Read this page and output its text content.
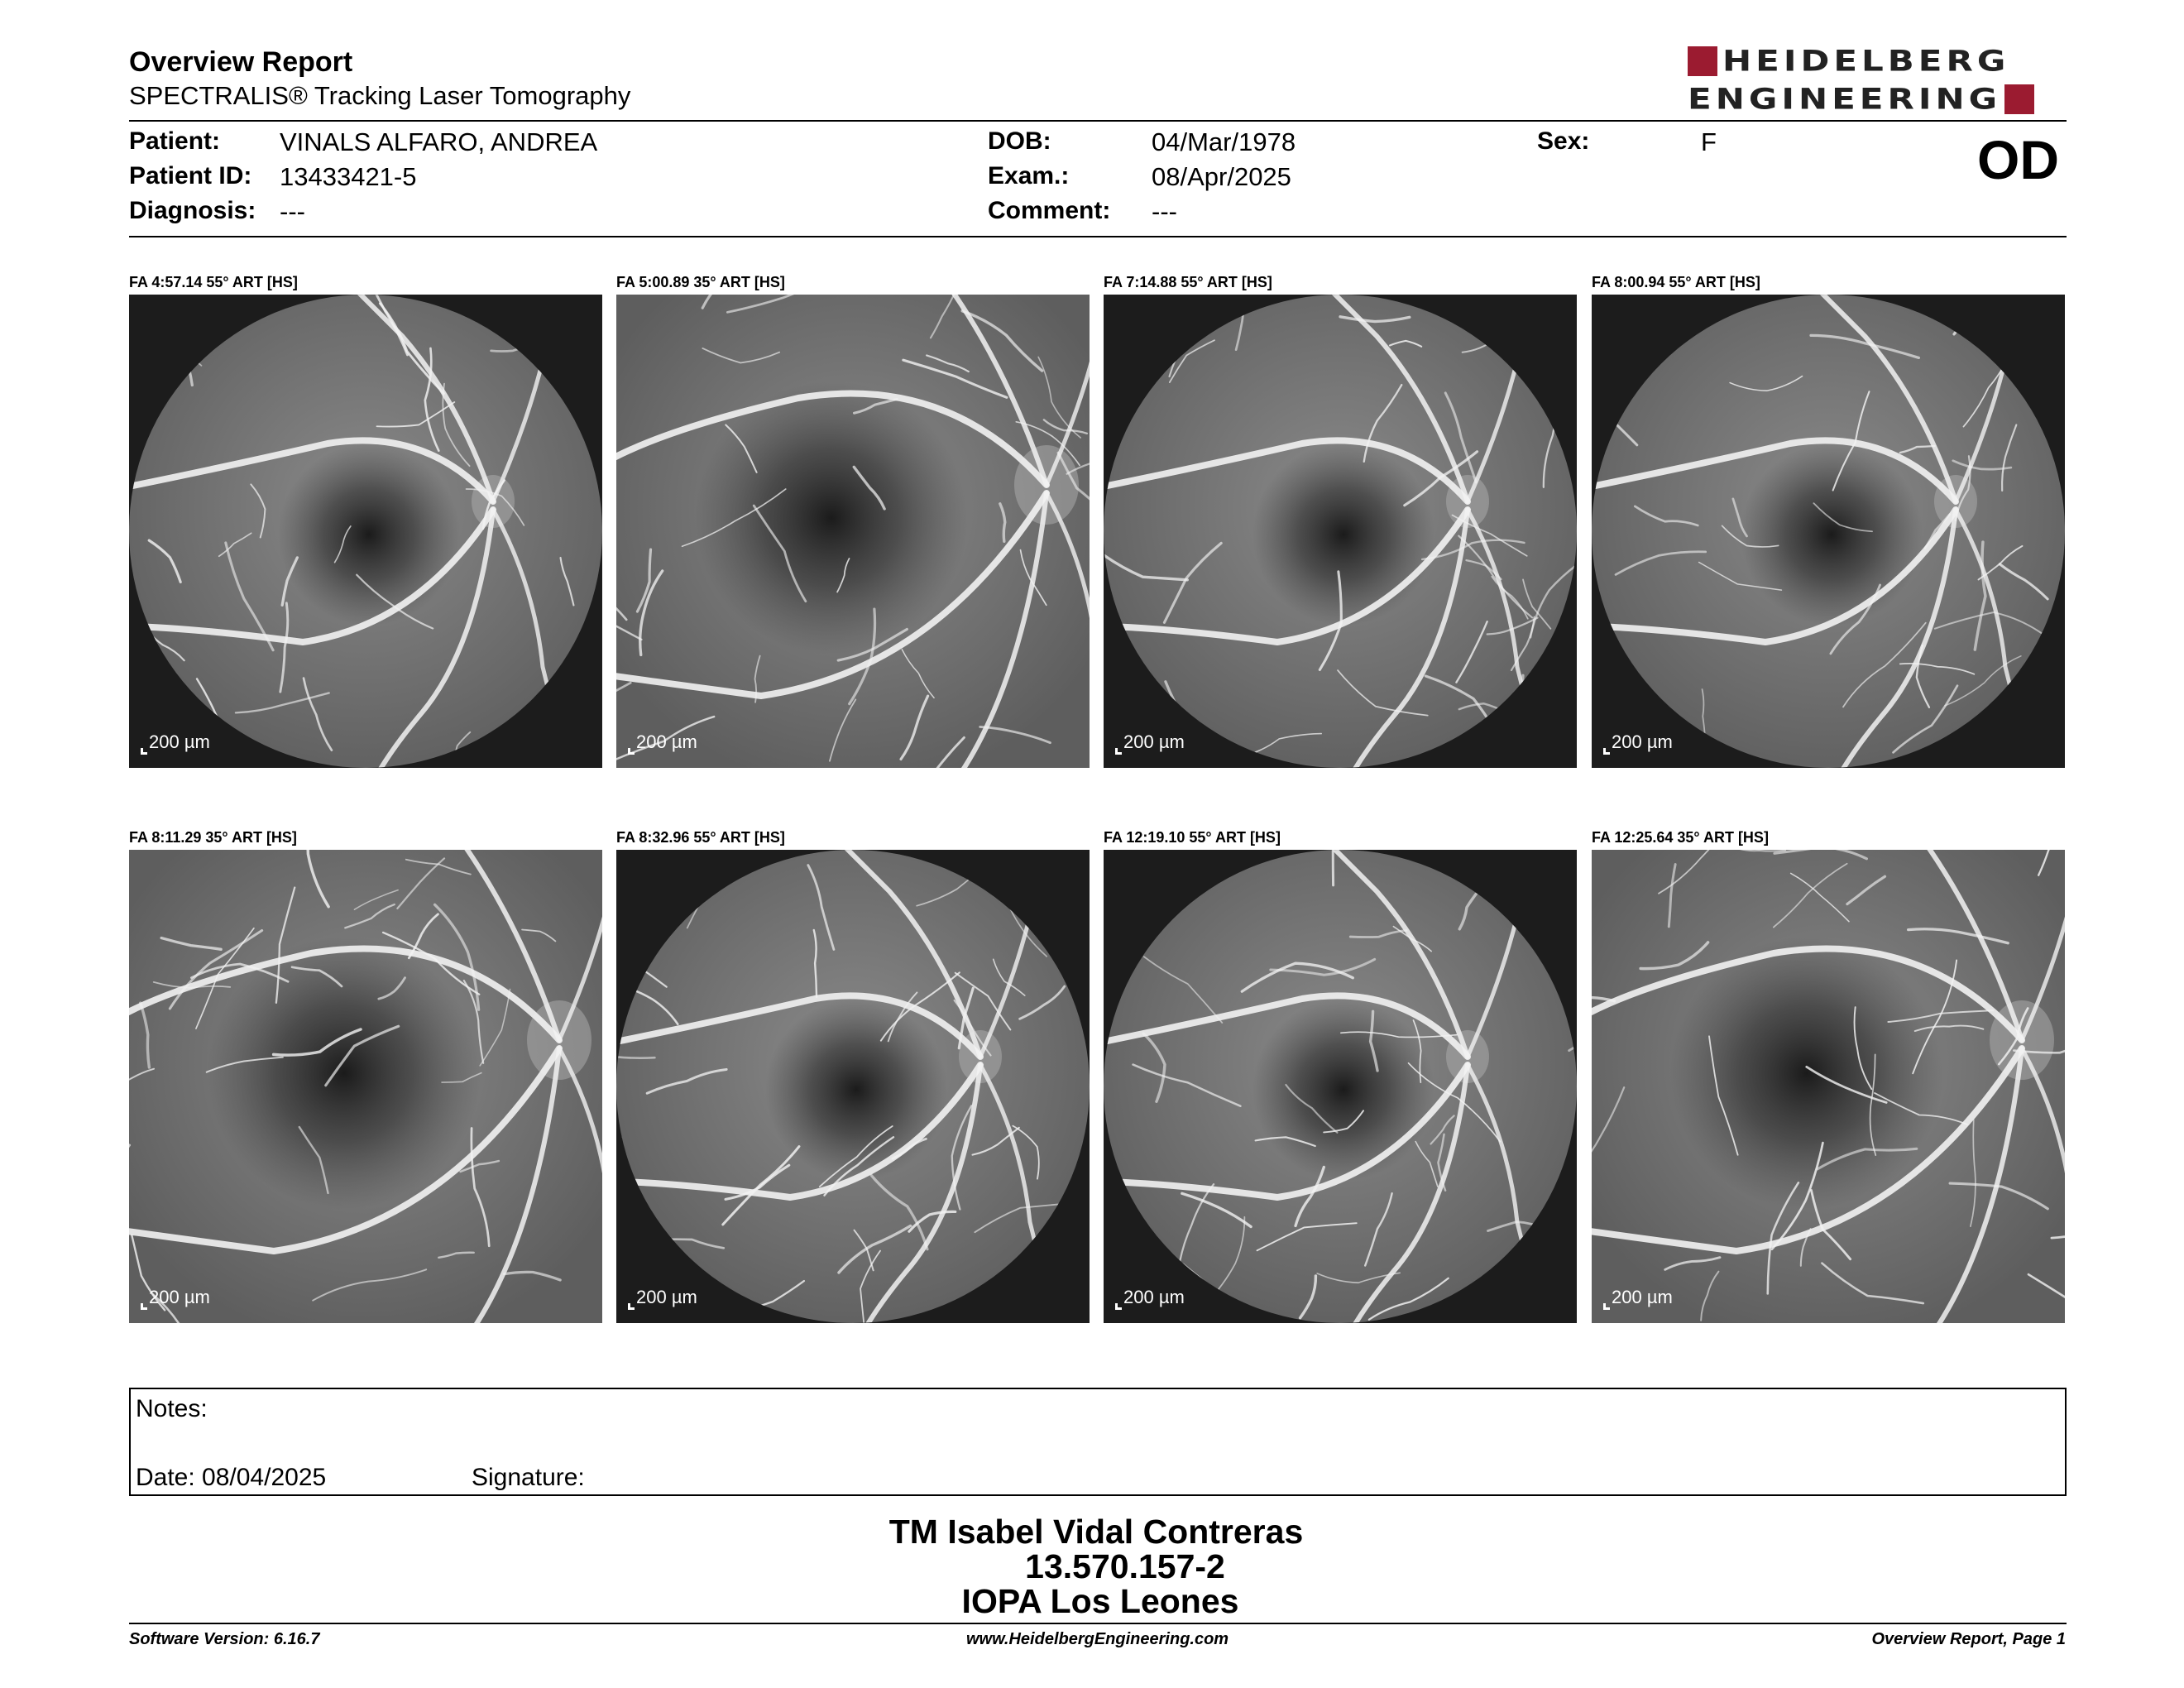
Overview Report
SPECTRALIS® Tracking Laser Tomography
HEIDELBERG
ENGINEERING
Patient: VINALS ALFARO, ANDREA
Patient ID: 13433421-5
Diagnosis: ---
DOB:	04/Mar/1978
Exam.:	08/Apr/2025
Comment: ---
Sex:	F	OD
FA 4:57.14 55° ART [HS]
200 µm
FA 5:00.89 35° ART [HS]
200 µm
FA 7:14.88 55° ART [HS]
200 µm
FA 8:00.94 55° ART [HS]
200 µm
FA 8:11.29 35° ART [HS]
200 µm
FA 8:32.96 55° ART [HS]
200 µm
FA 12:19.10 55° ART [HS]
200 µm
FA 12:25.64 35° ART [HS]
200 µm
Notes:
Date: 08/04/2025	Signature:
TM Isabel Vidal Contreras
13.570.157-2
IOPA Los Leones
Software Version: 6.16.7	www.HeidelbergEngineering.com	Overview Report, Page 1
